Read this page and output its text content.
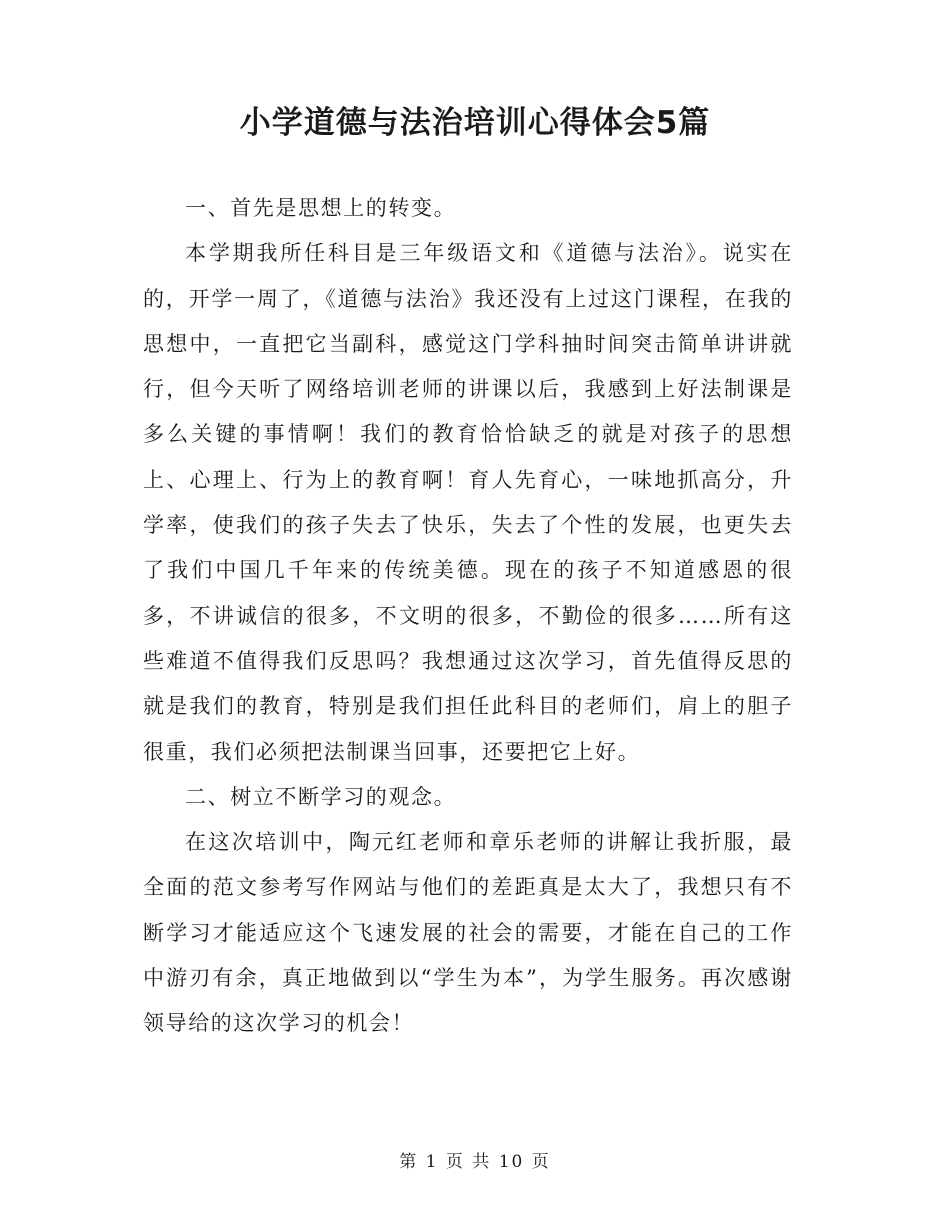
小学道德与法治培训心得体会5篇

一、首先是思想上的转变。

本学期我所任科目是三年级语文和《道德与法治》。说实在的，开学一周了，《道德与法治》我还没有上过这门课程，在我的思想中，一直把它当副科，感觉这门学科抽时间突击简单讲讲就行，但今天听了网络培训老师的讲课以后，我感到上好法制课是多么关键的事情啊！我们的教育恰恰缺乏的就是对孩子的思想上、心理上、行为上的教育啊！育人先育心，一味地抓高分，升学率，使我们的孩子失去了快乐，失去了个性的发展，也更失去了我们中国几千年来的传统美德。现在的孩子不知道感恩的很多，不讲诚信的很多，不文明的很多，不勤俭的很多……所有这些难道不值得我们反思吗？我想通过这次学习，首先值得反思的就是我们的教育，特别是我们担任此科目的老师们，肩上的胆子很重，我们必须把法制课当回事，还要把它上好。

二、树立不断学习的观念。

在这次培训中，陶元红老师和章乐老师的讲解让我折服，最全面的范文参考写作网站与他们的差距真是太大了，我想只有不断学习才能适应这个飞速发展的社会的需要，才能在自己的工作中游刃有余，真正地做到以“学生为本”，为学生服务。再次感谢领导给的这次学习的机会！

第 1 页 共 10 页
